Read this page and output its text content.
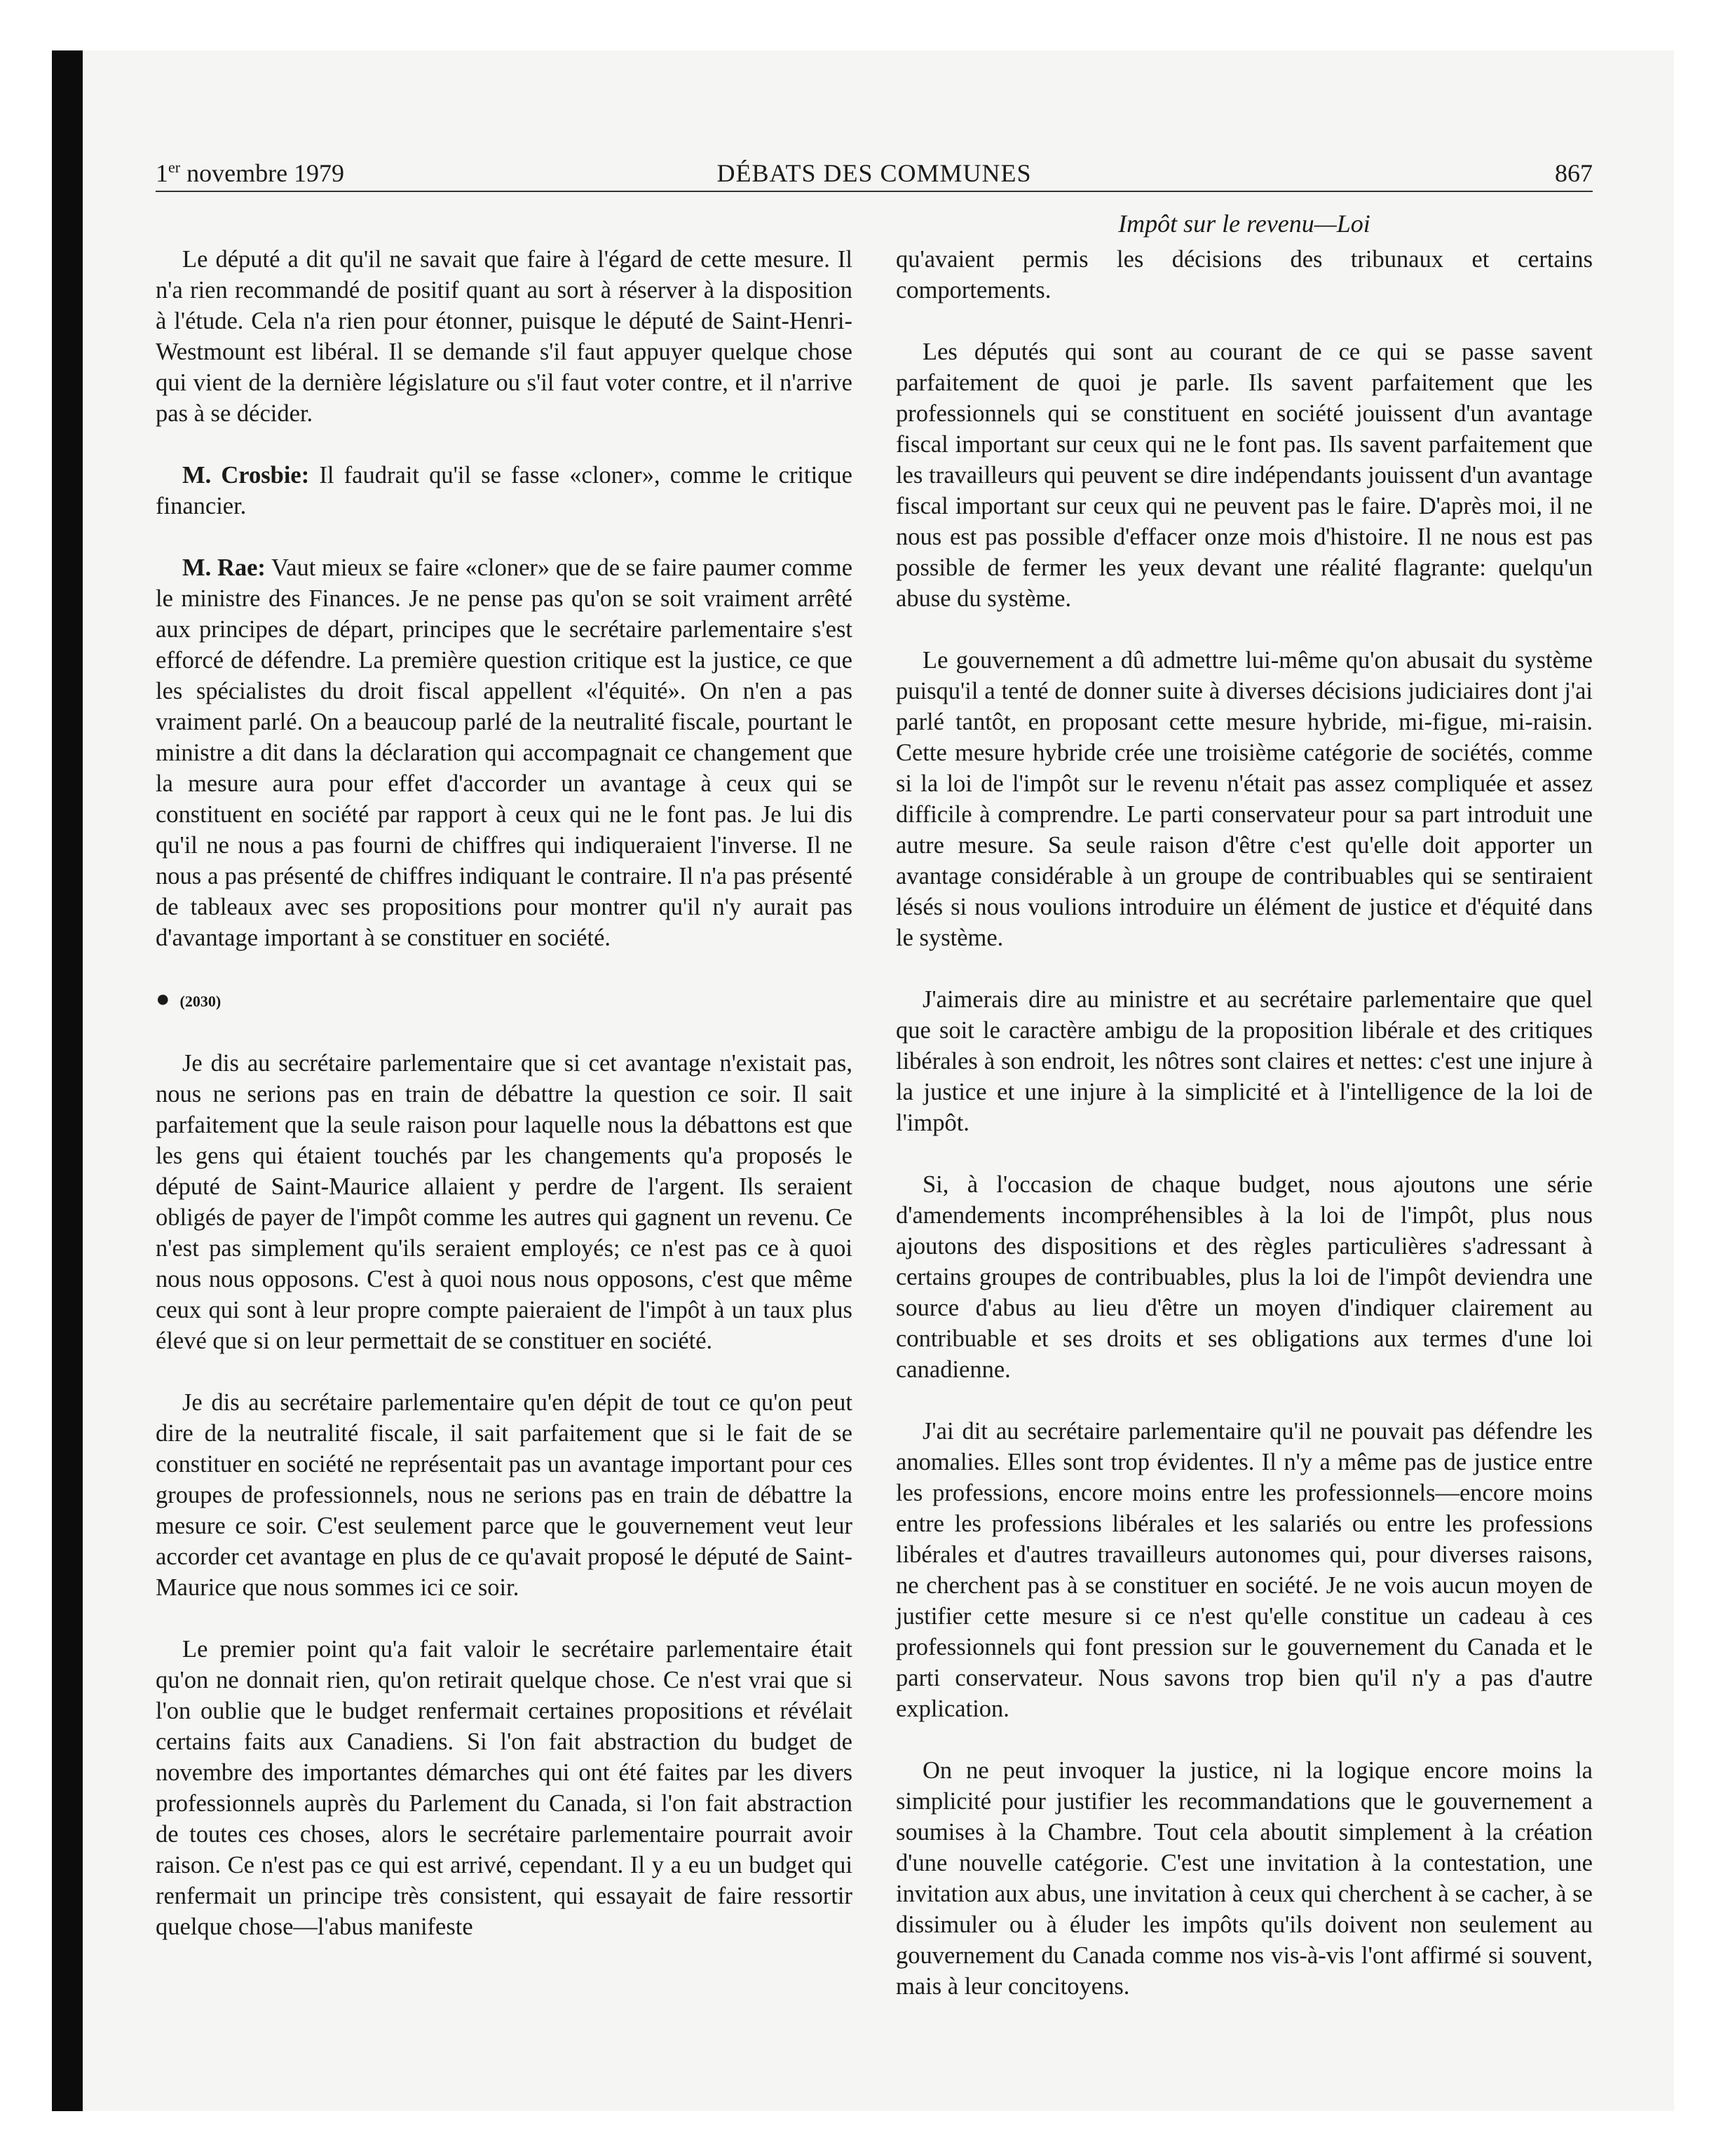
1er novembre 1979	DÉBATS DES COMMUNES	867
Impôt sur le revenu—Loi

Le député a dit qu'il ne savait que faire à l'égard de cette mesure. Il n'a rien recommandé de positif quant au sort à réserver à la disposition à l'étude. Cela n'a rien pour étonner, puisque le député de Saint-Henri-Westmount est libéral. Il se demande s'il faut appuyer quelque chose qui vient de la dernière législature ou s'il faut voter contre, et il n'arrive pas à se décider.

M. Crosbie: Il faudrait qu'il se fasse «cloner», comme le critique financier.

M. Rae: Vaut mieux se faire «cloner» que de se faire paumer comme le ministre des Finances. Je ne pense pas qu'on se soit vraiment arrêté aux principes de départ, principes que le secrétaire parlementaire s'est efforcé de défendre. La première question critique est la justice, ce que les spécialistes du droit fiscal appellent «l'équité». On n'en a pas vraiment parlé. On a beaucoup parlé de la neutralité fiscale, pourtant le ministre a dit dans la déclaration qui accompagnait ce changement que la mesure aura pour effet d'accorder un avantage à ceux qui se constituent en société par rapport à ceux qui ne le font pas. Je lui dis qu'il ne nous a pas fourni de chiffres qui indiqueraient l'inverse. Il ne nous a pas présenté de chiffres indiquant le contraire. Il n'a pas présenté de tableaux avec ses propositions pour montrer qu'il n'y aurait pas d'avantage important à se constituer en société.

● (2030)

Je dis au secrétaire parlementaire que si cet avantage n'existait pas, nous ne serions pas en train de débattre la question ce soir. Il sait parfaitement que la seule raison pour laquelle nous la débattons est que les gens qui étaient touchés par les changements qu'a proposés le député de Saint-Maurice allaient y perdre de l'argent. Ils seraient obligés de payer de l'impôt comme les autres qui gagnent un revenu. Ce n'est pas simplement qu'ils seraient employés; ce n'est pas ce à quoi nous nous opposons. C'est à quoi nous nous opposons, c'est que même ceux qui sont à leur propre compte paieraient de l'impôt à un taux plus élevé que si on leur permettait de se constituer en société.

Je dis au secrétaire parlementaire qu'en dépit de tout ce qu'on peut dire de la neutralité fiscale, il sait parfaitement que si le fait de se constituer en société ne représentait pas un avantage important pour ces groupes de professionnels, nous ne serions pas en train de débattre la mesure ce soir. C'est seulement parce que le gouvernement veut leur accorder cet avantage en plus de ce qu'avait proposé le député de Saint-Maurice que nous sommes ici ce soir.

Le premier point qu'a fait valoir le secrétaire parlementaire était qu'on ne donnait rien, qu'on retirait quelque chose. Ce n'est vrai que si l'on oublie que le budget renfermait certaines propositions et révélait certains faits aux Canadiens. Si l'on fait abstraction du budget de novembre des importantes démarches qui ont été faites par les divers professionnels auprès du Parlement du Canada, si l'on fait abstraction de toutes ces choses, alors le secrétaire parlementaire pourrait avoir raison. Ce n'est pas ce qui est arrivé, cependant. Il y a eu un budget qui renfermait un principe très consistent, qui essayait de faire ressortir quelque chose—l'abus manifeste

qu'avaient permis les décisions des tribunaux et certains comportements.

Les députés qui sont au courant de ce qui se passe savent parfaitement de quoi je parle. Ils savent parfaitement que les professionnels qui se constituent en société jouissent d'un avantage fiscal important sur ceux qui ne le font pas. Ils savent parfaitement que les travailleurs qui peuvent se dire indépendants jouissent d'un avantage fiscal important sur ceux qui ne peuvent pas le faire. D'après moi, il ne nous est pas possible d'effacer onze mois d'histoire. Il ne nous est pas possible de fermer les yeux devant une réalité flagrante: quelqu'un abuse du système.

Le gouvernement a dû admettre lui-même qu'on abusait du système puisqu'il a tenté de donner suite à diverses décisions judiciaires dont j'ai parlé tantôt, en proposant cette mesure hybride, mi-figue, mi-raisin. Cette mesure hybride crée une troisième catégorie de sociétés, comme si la loi de l'impôt sur le revenu n'était pas assez compliquée et assez difficile à comprendre. Le parti conservateur pour sa part introduit une autre mesure. Sa seule raison d'être c'est qu'elle doit apporter un avantage considérable à un groupe de contribuables qui se sentiraient lésés si nous voulions introduire un élément de justice et d'équité dans le système.

J'aimerais dire au ministre et au secrétaire parlementaire que quel que soit le caractère ambigu de la proposition libérale et des critiques libérales à son endroit, les nôtres sont claires et nettes: c'est une injure à la justice et une injure à la simplicité et à l'intelligence de la loi de l'impôt.

Si, à l'occasion de chaque budget, nous ajoutons une série d'amendements incompréhensibles à la loi de l'impôt, plus nous ajoutons des dispositions et des règles particulières s'adressant à certains groupes de contribuables, plus la loi de l'impôt deviendra une source d'abus au lieu d'être un moyen d'indiquer clairement au contribuable et ses droits et ses obligations aux termes d'une loi canadienne.

J'ai dit au secrétaire parlementaire qu'il ne pouvait pas défendre les anomalies. Elles sont trop évidentes. Il n'y a même pas de justice entre les professions, encore moins entre les professionnels—encore moins entre les professions libérales et les salariés ou entre les professions libérales et d'autres travailleurs autonomes qui, pour diverses raisons, ne cherchent pas à se constituer en société. Je ne vois aucun moyen de justifier cette mesure si ce n'est qu'elle constitue un cadeau à ces professionnels qui font pression sur le gouvernement du Canada et le parti conservateur. Nous savons trop bien qu'il n'y a pas d'autre explication.

On ne peut invoquer la justice, ni la logique encore moins la simplicité pour justifier les recommandations que le gouvernement a soumises à la Chambre. Tout cela aboutit simplement à la création d'une nouvelle catégorie. C'est une invitation à la contestation, une invitation aux abus, une invitation à ceux qui cherchent à se cacher, à se dissimuler ou à éluder les impôts qu'ils doivent non seulement au gouvernement du Canada comme nos vis-à-vis l'ont affirmé si souvent, mais à leur concitoyens.
